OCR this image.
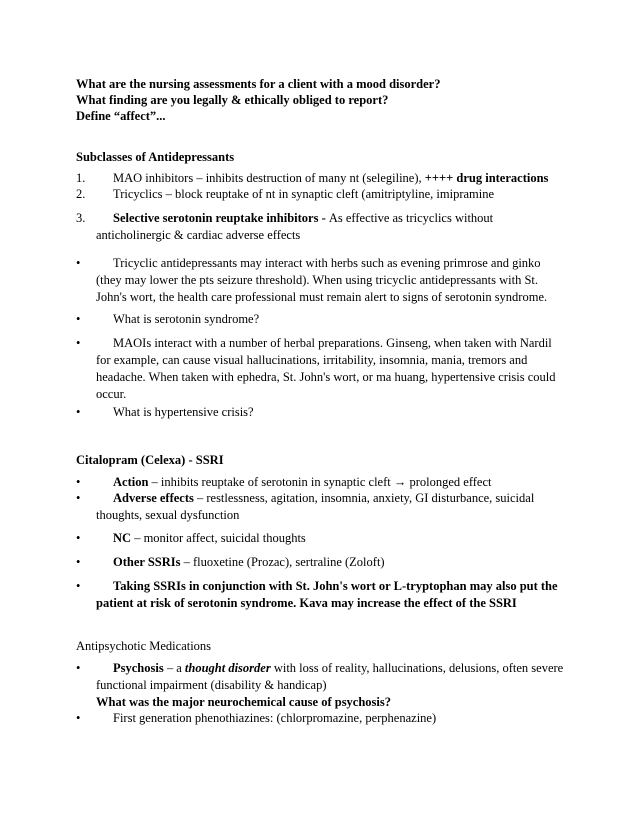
What are the nursing assessments for a client with a mood disorder?
What finding are you legally & ethically obliged to report?
Define “affect”...
Subclasses of Antidepressants
1.	MAO inhibitors – inhibits destruction of many nt (selegiline), ++++ drug interactions
2.	Tricyclics – block reuptake of nt in synaptic cleft (amitriptyline, imipramine
3.	Selective serotonin reuptake inhibitors - As effective as tricyclics without anticholinergic & cardiac adverse effects
•	Tricyclic antidepressants may interact with herbs such as evening primrose and ginko (they may lower the pts seizure threshold). When using tricyclic antidepressants with St. John's wort, the health care professional must remain alert to signs of serotonin syndrome.
•	What is serotonin syndrome?
•	MAOIs interact with a number of herbal preparations. Ginseng, when taken with Nardil for example, can cause visual hallucinations, irritability, insomnia, mania, tremors and headache. When taken with ephedra, St. John's wort, or ma huang, hypertensive crisis could occur.
•	What is hypertensive crisis?
Citalopram (Celexa) - SSRI
•	Action – inhibits reuptake of serotonin in synaptic cleft → prolonged effect
•	Adverse effects – restlessness, agitation, insomnia, anxiety, GI disturbance, suicidal thoughts, sexual dysfunction
•	NC – monitor affect, suicidal thoughts
•	Other SSRIs – fluoxetine (Prozac), sertraline (Zoloft)
•	Taking SSRIs in conjunction with St. John's wort or L-tryptophan may also put the patient at risk of serotonin syndrome. Kava may increase the effect of the SSRI
Antipsychotic Medications
•	Psychosis – a thought disorder with loss of reality, hallucinations, delusions, often severe functional impairment (disability & handicap)
What was the major neurochemical cause of psychosis?
•	First generation phenothiazines: (chlorpromazine, perphenazine)
